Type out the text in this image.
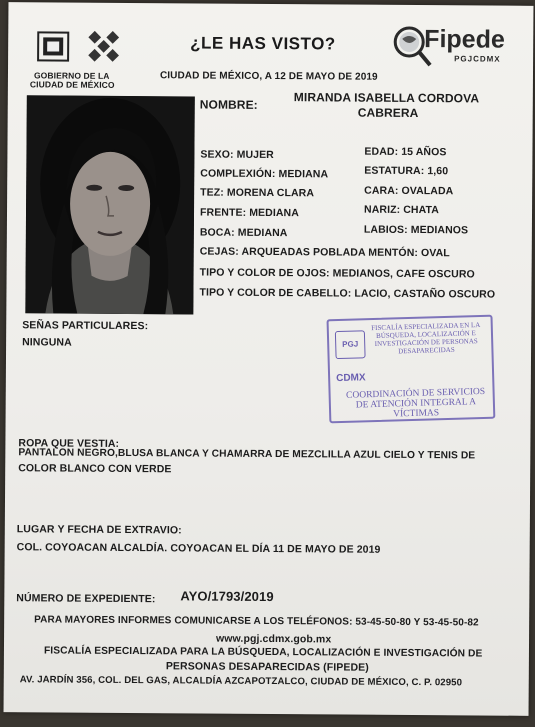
GOBIERNO DE LA
CIUDAD DE MÉXICO
¿LE HAS VISTO?
CIUDAD DE MÉXICO, A 12 DE MAYO DE 2019
Fipede
PGJCDMX
NOMBRE:	MIRANDA ISABELLA CORDOVA
CABRERA
SEXO: MUJER	EDAD: 15 AÑOS
COMPLEXIÓN: MEDIANA	ESTATURA: 1,60
TEZ: MORENA CLARA	CARA: OVALADA
FRENTE: MEDIANA	NARIZ: CHATA
BOCA: MEDIANA	LABIOS: MEDIANOS
CEJAS: ARQUEADAS POBLADA MENTÓN: OVAL
TIPO Y COLOR DE OJOS: MEDIANOS, CAFE OSCURO
TIPO Y COLOR DE CABELLO: LACIO, CASTAÑO OSCURO
SEÑAS PARTICULARES:
NINGUNA	PGJ
FISCALÍA ESPECIALIZADA EN LA BÚSQUEDA, LOCALIZACIÓN E INVESTIGACIÓN DE PERSONAS DESAPARECIDAS
CDMX
COORDINACIÓN DE SERVICIOS DE ATENCIÓN INTEGRAL A VÍCTIMAS
ROPA QUE VESTIA:
PANTALON NEGRO,BLUSA BLANCA Y CHAMARRA DE MEZCLILLA AZUL CIELO Y TENIS DE
COLOR BLANCO CON VERDE
LUGAR Y FECHA DE EXTRAVIO:
COL. COYOACAN ALCALDÍA. COYOACAN EL DÍA 11 DE MAYO DE 2019
NÚMERO DE EXPEDIENTE: AYO/1793/2019
PARA MAYORES INFORMES COMUNICARSE A LOS TELÉFONOS: 53-45-50-80 Y 53-45-50-82
www.pgj.cdmx.gob.mx
FISCALÍA ESPECIALIZADA PARA LA BÚSQUEDA, LOCALIZACIÓN E INVESTIGACIÓN DE
PERSONAS DESAPARECIDAS (FIPEDE)
AV. JARDÍN 356, COL. DEL GAS, ALCALDÍA AZCAPOTZALCO, CIUDAD DE MÉXICO, C. P. 02950
